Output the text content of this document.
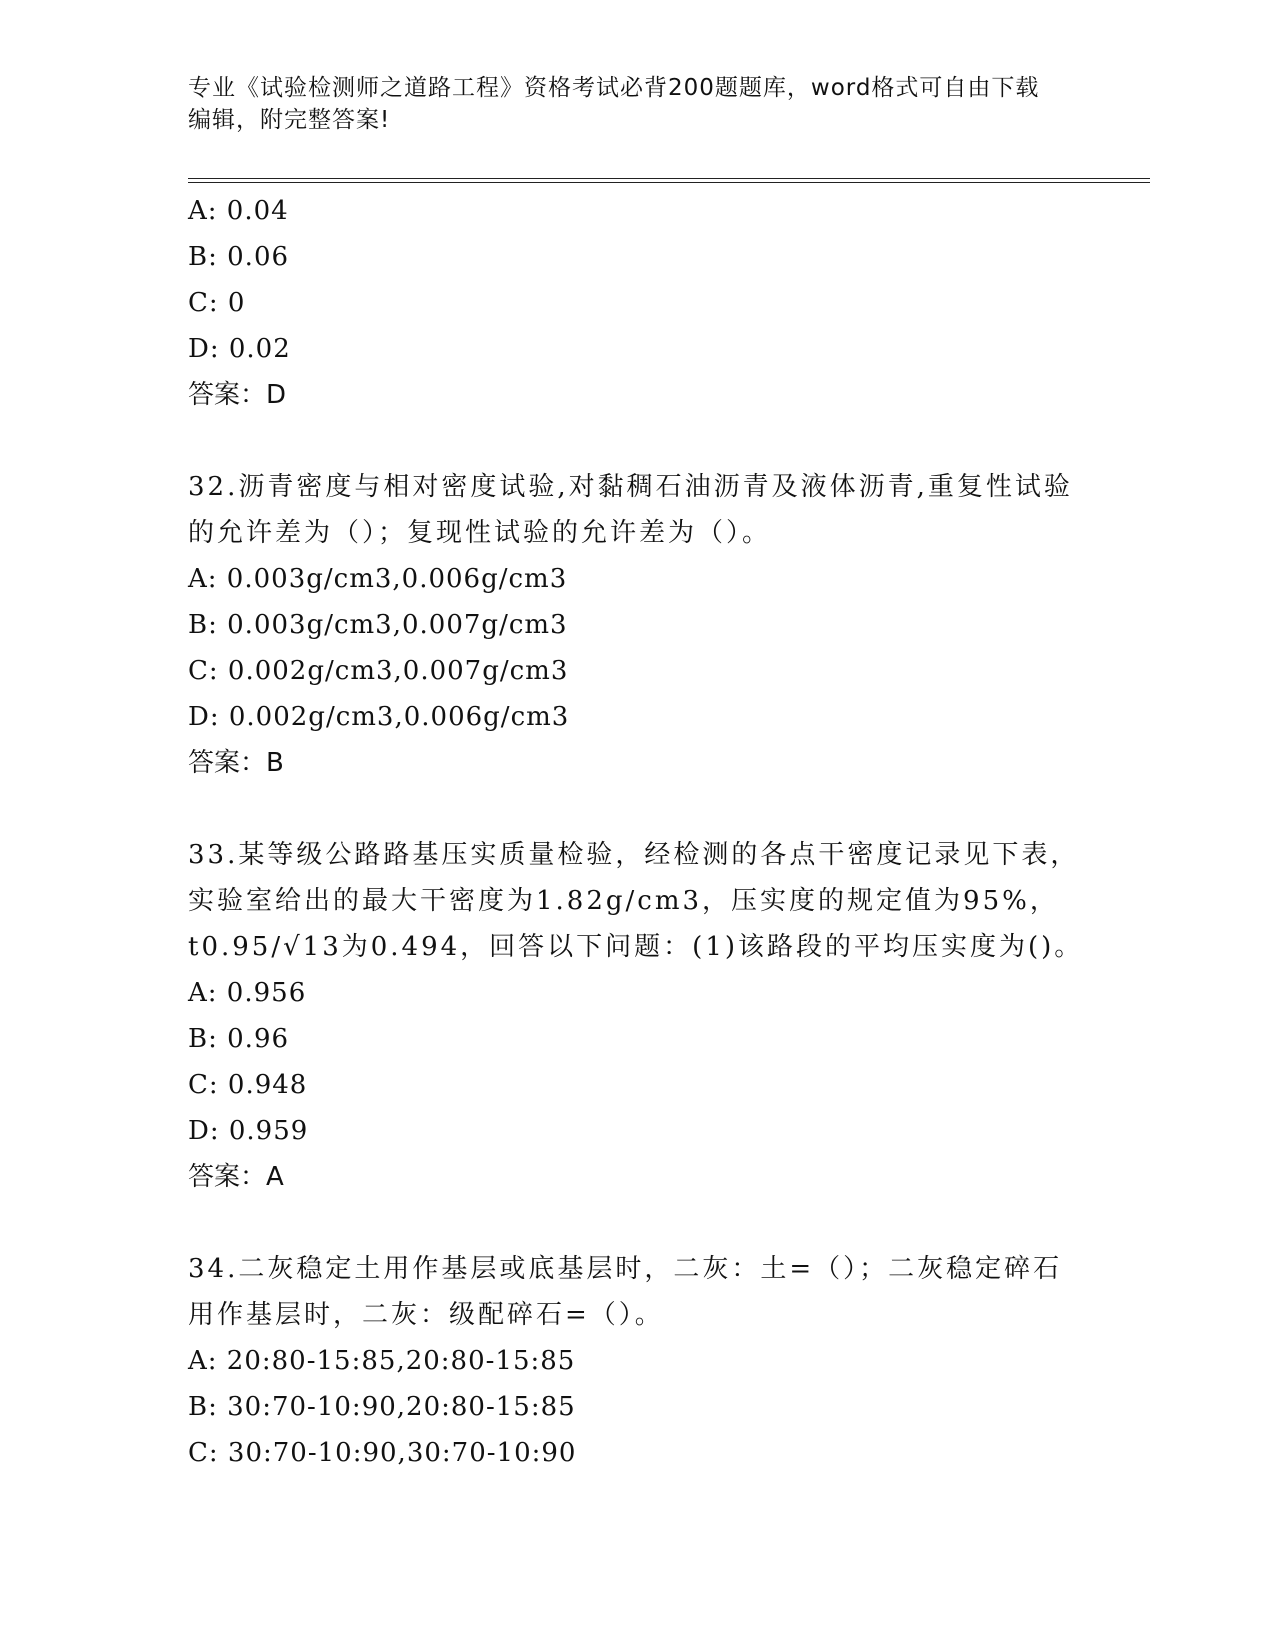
专业《试验检测师之道路工程》资格考试必背200题题库，word格式可自由下载
编辑，附完整答案!

A: 0.04

B: 0.06

C: 0

D: 0.02

答案：D

32.沥青密度与相对密度试验,对黏稠石油沥青及液体沥青,重复性试验

的允许差为（）；复现性试验的允许差为（）。

A: 0.003g/cm3,0.006g/cm3

B: 0.003g/cm3,0.007g/cm3

C: 0.002g/cm3,0.007g/cm3

D: 0.002g/cm3,0.006g/cm3

答案：B

33.某等级公路路基压实质量检验，经检测的各点干密度记录见下表，

实验室给出的最大干密度为1.82g/cm3，压实度的规定值为95%，

t0.95/√13为0.494，回答以下问题：(1)该路段的平均压实度为()。

A: 0.956

B: 0.96

C: 0.948

D: 0.959

答案：A

34.二灰稳定土用作基层或底基层时，二灰：土=（）；二灰稳定碎石

用作基层时，二灰：级配碎石=（）。

A: 20:80-15:85,20:80-15:85

B: 30:70-10:90,20:80-15:85

C: 30:70-10:90,30:70-10:90
